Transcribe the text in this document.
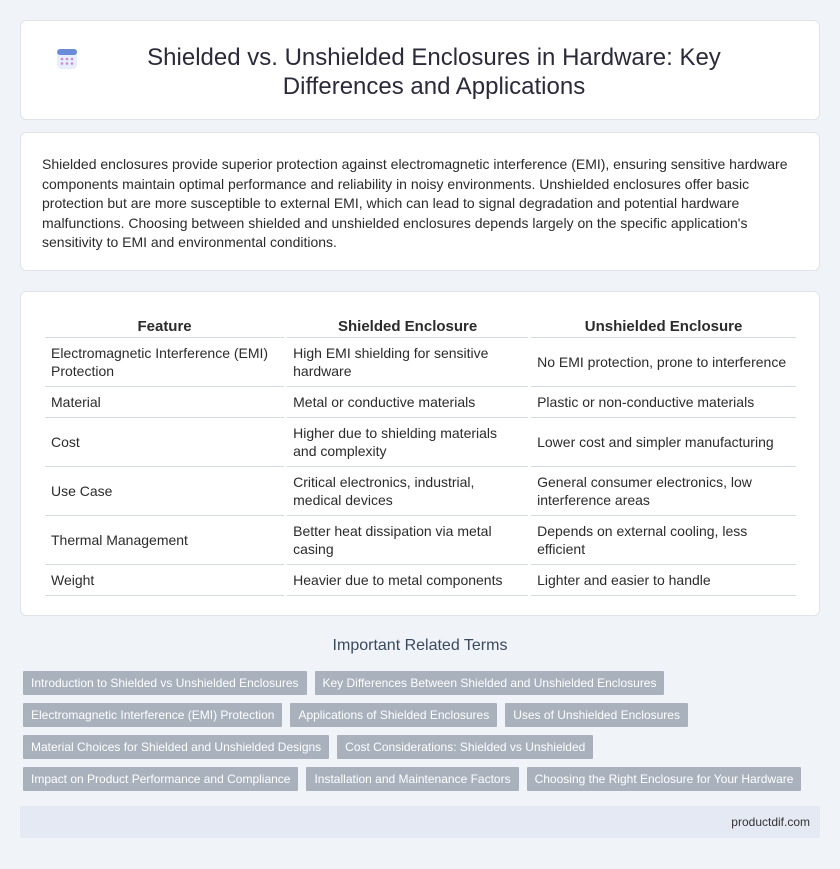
Shielded vs. Unshielded Enclosures in Hardware: Key Differences and Applications

Shielded enclosures provide superior protection against electromagnetic interference (EMI), ensuring sensitive hardware components maintain optimal performance and reliability in noisy environments. Unshielded enclosures offer basic protection but are more susceptible to external EMI, which can lead to signal degradation and potential hardware malfunctions. Choosing between shielded and unshielded enclosures depends largely on the specific application's sensitivity to EMI and environmental conditions.

Feature	Shielded Enclosure	Unshielded Enclosure
Electromagnetic Interference (EMI) Protection	High EMI shielding for sensitive hardware	No EMI protection, prone to interference
Material	Metal or conductive materials	Plastic or non-conductive materials
Cost	Higher due to shielding materials and complexity	Lower cost and simpler manufacturing
Use Case	Critical electronics, industrial, medical devices	General consumer electronics, low interference areas
Thermal Management	Better heat dissipation via metal casing	Depends on external cooling, less efficient
Weight	Heavier due to metal components	Lighter and easier to handle
Important Related Terms
Introduction to Shielded vs Unshielded Enclosures	Key Differences Between Shielded and Unshielded Enclosures
Electromagnetic Interference (EMI) Protection	Applications of Shielded Enclosures	Uses of Unshielded Enclosures
Material Choices for Shielded and Unshielded Designs	Cost Considerations: Shielded vs Unshielded
Impact on Product Performance and Compliance	Installation and Maintenance Factors	Choosing the Right Enclosure for Your Hardware
productdif.com
